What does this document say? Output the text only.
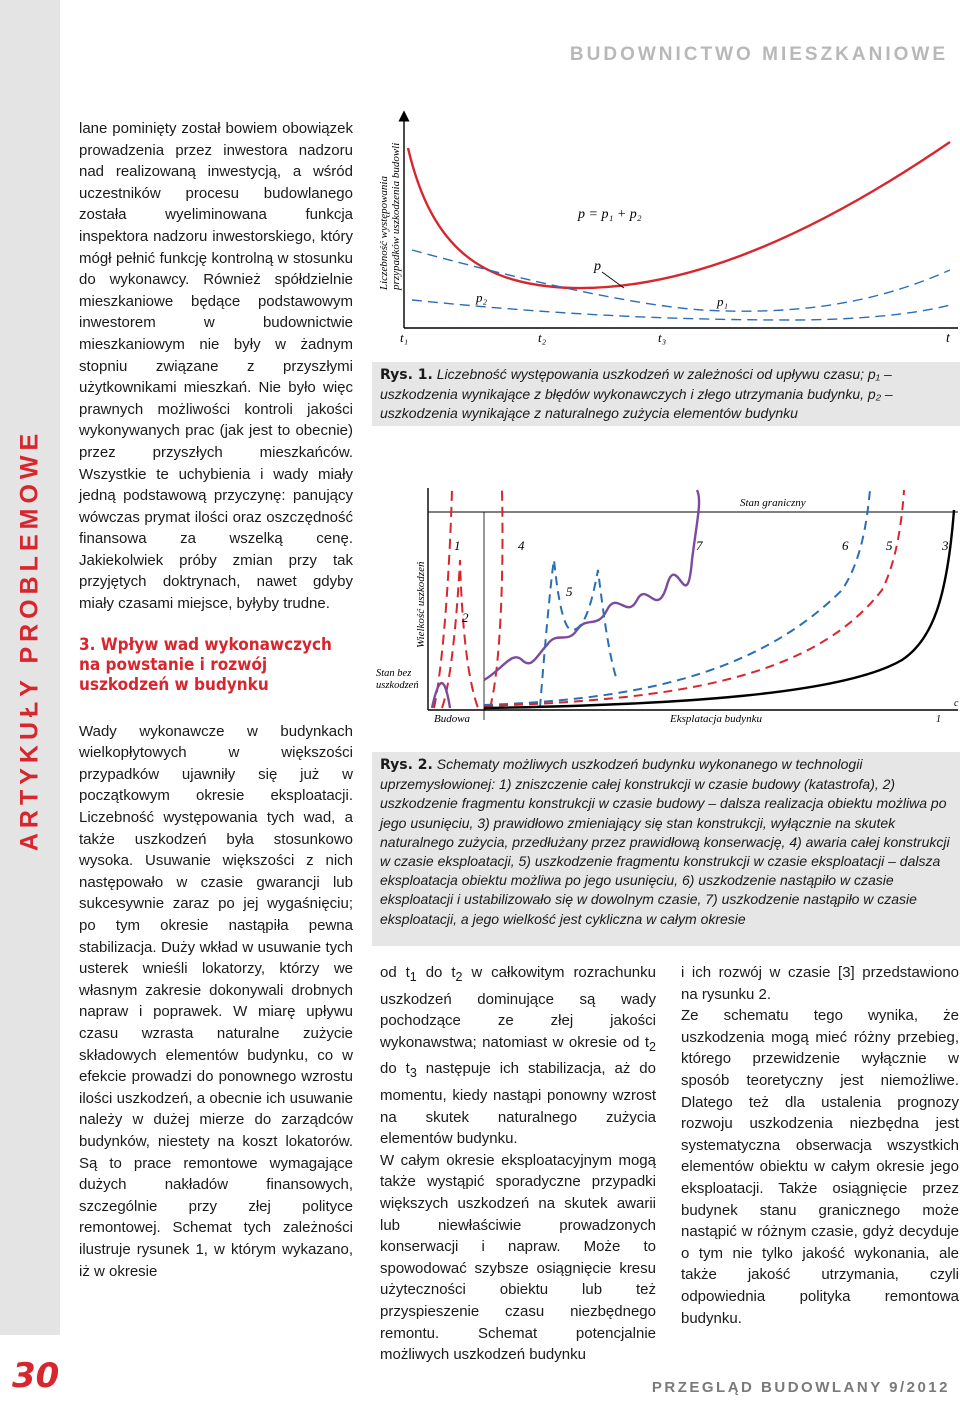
ARTYKUŁY PROBLEMOWE
BUDOWNICTWO MIESZKANIOWE

lane pominięty został bowiem obowiązek prowadzenia przez inwestora nadzoru nad realizowaną inwestycją, a wśród uczestników procesu budowlanego została wyeliminowana funkcja inspektora nadzoru inwestorskiego, który mógł pełnić funkcję kontrolną w stosunku do wykonawcy. Również spółdzielnie mieszkaniowe będące podstawowym inwestorem w budownictwie mieszkaniowym nie były w żadnym stopniu związane z przyszłymi użytkownikami mieszkań. Nie było więc prawnych możliwości kontroli jakości wykonywanych prac (jak jest to obecnie) przez przyszłych mieszkańców. Wszystkie te uchybienia i wady miały jedną podstawową przyczynę: panujący wówczas prymat ilości oraz oszczędność finansowa za wszelką cenę. Jakiekolwiek próby zmian przy tak przyjętych doktrynach, nawet gdyby miały czasami miejsce, byłyby trudne.

3. Wpływ wad wykonawczych na powstanie i rozwój uszkodzeń w budynku

Wady wykonawcze w budynkach wielkopłytowych w większości przypadków ujawniły się już w początkowym okresie eksploatacji. Liczebność występowania tych wad, a także uszkodzeń była stosunkowo wysoka. Usuwanie większości z nich następowało w czasie gwarancji lub sukcesywnie zaraz po jej wygaśnięciu; po tym okresie nastąpiła pewna stabilizacja. Duży wkład w usuwanie tych usterek wnieśli lokatorzy, którzy we własnym zakresie dokonywali drobnych napraw i poprawek. W miarę upływu czasu wzrasta naturalne zużycie składowych elementów budynku, co w efekcie prowadzi do ponownego wzrostu ilości uszkodzeń, a obecnie ich usuwanie należy w dużej mierze do zarządców budynków, niestety na koszt lokatorów. Są to prace remontowe wymagające dużych nakładów finansowych, szczególnie przy złej polityce remontowej. Schemat tych zależności ilustruje rysunek 1, w którym wykazano, iż w okresie

Liczebność występowania przypadków uszkodzenia budowli	p = p₁ + p₂
p
p₂	p₁
t₁	t₂	t₃	t
Rys. 1. Liczebność występowania uszkodzeń w zależności od upływu czasu; p₁ – uszkodzenia wynikające z błędów wykonawczych i złego utrzymania budynku, p₂ – uszkodzenia wynikające z naturalnego zużycia elementów budynku
Stan graniczny
Wielkość uszkodzeń
Stan bez
uszkodzeń
Budowa	Eksplatacja budynku	1
c
1
2
4
5
7	6	5	3
Rys. 2. Schematy możliwych uszkodzeń budynku wykonanego w technologii uprzemysłowionej: 1) zniszczenie całej konstrukcji w czasie budowy (katastrofa), 2) uszkodzenie fragmentu konstrukcji w czasie budowy – dalsza realizacja obiektu możliwa po jego usunięciu, 3) prawidłowo zmieniający się stan konstrukcji, wyłącznie na skutek naturalnego zużycia, przedłużany przez prawidłową konserwację, 4) awaria całej konstrukcji w czasie eksploatacji, 5) uszkodzenie fragmentu konstrukcji w czasie eksploatacji – dalsza eksploatacja obiektu możliwa po jego usunięciu, 6) uszkodzenie nastąpiło w czasie eksploatacji i ustabilizowało się w dowolnym czasie, 7) uszkodzenie nastąpiło w czasie eksploatacji, a jego wielkość jest cykliczna w całym okresie

od $t_1$ do $t_2$ w całkowitym rozrachunku uszkodzeń dominujące są wady pochodzące ze złej jakości wykonawstwa; natomiast w okresie od $t_2$ do $t_3$ następuje ich stabilizacja, aż do momentu, kiedy nastąpi ponowny wzrost na skutek naturalnego zużycia elementów budynku.

W całym okresie eksploatacyjnym mogą także wystąpić sporadyczne przypadki większych uszkodzeń na skutek awarii lub niewłaściwie prowadzonych konserwacji i napraw. Może to spowodować szybsze osiągnięcie kresu użyteczności obiektu lub też przyspieszenie czasu niezbędnego remontu. Schemat potencjalnie możliwych uszkodzeń budynku

i ich rozwój w czasie [3] przedstawiono na rysunku 2.

Ze schematu tego wynika, że uszkodzenia mogą mieć różny przebieg, którego przewidzenie wyłącznie w sposób teoretyczny jest niemożliwe. Dlatego też dla ustalenia prognozy rozwoju uszkodzenia niezbędna jest systematyczna obserwacja wszystkich elementów obiektu w całym okresie jego eksploatacji. Także osiągnięcie przez budynek stanu granicznego może nastąpić w różnym czasie, gdyż decyduje o tym nie tylko jakość wykonania, ale także jakość utrzymania, czyli odpowiednia polityka remontowa budynku.

30	PRZEGLĄD BUDOWLANY 9/2012
